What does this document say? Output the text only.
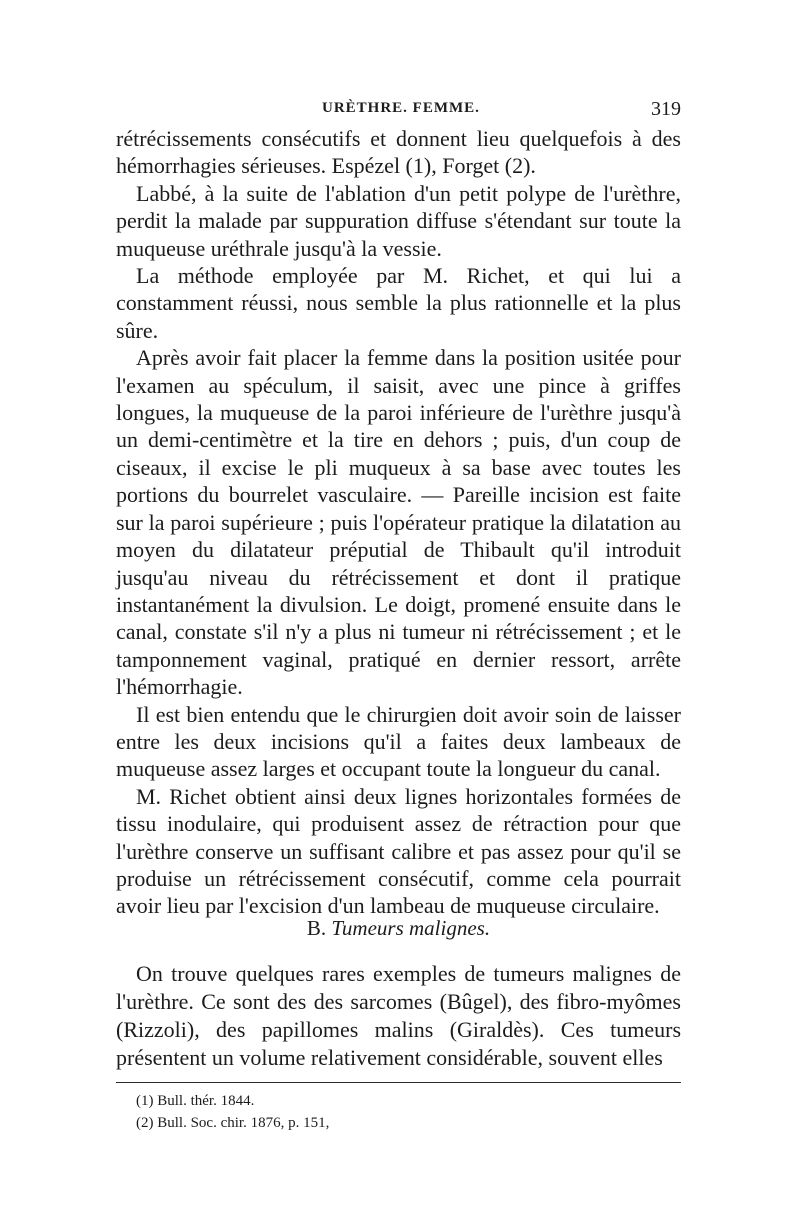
URÈTHRE. FEMME.	319

rétrécissements consécutifs et donnent lieu quelquefois à des hémorrhagies sérieuses. Espézel (1), Forget (2).

Labbé, à la suite de l'ablation d'un petit polype de l'urèthre, perdit la malade par suppuration diffuse s'étendant sur toute la muqueuse uréthrale jusqu'à la vessie.

La méthode employée par M. Richet, et qui lui a constamment réussi, nous semble la plus rationnelle et la plus sûre.

Après avoir fait placer la femme dans la position usitée pour l'examen au spéculum, il saisit, avec une pince à griffes longues, la muqueuse de la paroi inférieure de l'urèthre jusqu'à un demi-centimètre et la tire en dehors ; puis, d'un coup de ciseaux, il excise le pli muqueux à sa base avec toutes les portions du bourrelet vasculaire. — Pareille incision est faite sur la paroi supérieure ; puis l'opérateur pratique la dilatation au moyen du dilatateur préputial de Thibault qu'il introduit jusqu'au niveau du rétrécissement et dont il pratique instantanément la divulsion. Le doigt, promené ensuite dans le canal, constate s'il n'y a plus ni tumeur ni rétrécissement ; et le tamponnement vaginal, pratiqué en dernier ressort, arrête l'hémorrhagie.

Il est bien entendu que le chirurgien doit avoir soin de laisser entre les deux incisions qu'il a faites deux lambeaux de muqueuse assez larges et occupant toute la longueur du canal.

M. Richet obtient ainsi deux lignes horizontales formées de tissu inodulaire, qui produisent assez de rétraction pour que l'urèthre conserve un suffisant calibre et pas assez pour qu'il se produise un rétrécissement consécutif, comme cela pourrait avoir lieu par l'excision d'un lambeau de muqueuse circulaire.

B. Tumeurs malignes.

On trouve quelques rares exemples de tumeurs malignes de l'urèthre. Ce sont des des sarcomes (Bûgel), des fibro-myômes (Rizzoli), des papillomes malins (Giraldès). Ces tumeurs présentent un volume relativement considérable, souvent elles

(1) Bull. thér. 1844.
(2) Bull. Soc. chir. 1876, p. 151,
